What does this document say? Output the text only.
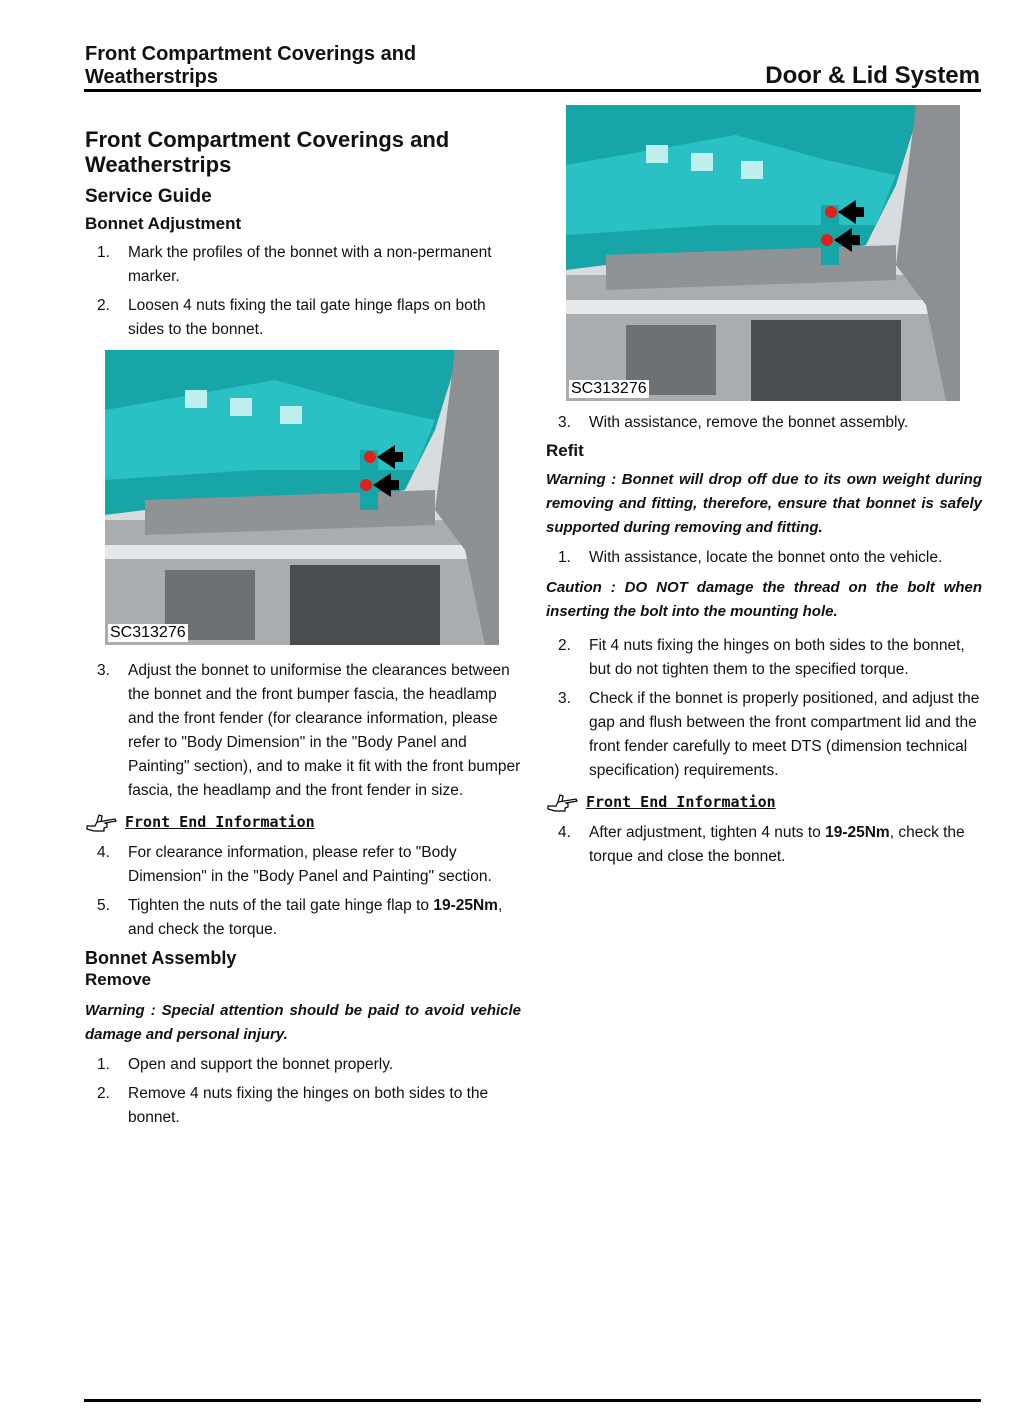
Front Compartment Coverings and
Weatherstrips	Door & Lid System
Front Compartment Coverings and
Weatherstrips
Service Guide
Bonnet Adjustment
1.	Mark the profiles of the bonnet with a non-permanent marker.
2.	Loosen 4 nuts fixing the tail gate hinge flaps on both sides to the bonnet.
SC313276
3.	Adjust the bonnet to uniformise the clearances between the bonnet and the front bumper fascia, the headlamp and the front fender (for clearance information, please refer to "Body Dimension" in the "Body Panel and Painting" section), and to make it fit with the front bumper fascia, the headlamp and the front fender in size.
Front End Information
4.	For clearance information, please refer to "Body Dimension" in the "Body Panel and Painting" section.
5.	Tighten the nuts of the tail gate hinge flap to 19-25Nm, and check the torque.
Bonnet Assembly
Remove
Warning : Special attention should be paid to avoid vehicle damage and personal injury.
1.	Open and support the bonnet properly.
2.	Remove 4 nuts fixing the hinges on both sides to the bonnet.
SC313276
3.	With assistance, remove the bonnet assembly.
Refit
Warning : Bonnet will drop off due to its own weight during removing and fitting, therefore, ensure that bonnet is safely supported during removing and fitting.
1.	With assistance, locate the bonnet onto the vehicle.
Caution : DO NOT damage the thread on the bolt when inserting the bolt into the mounting hole.
2.	Fit 4 nuts fixing the hinges on both sides to the bonnet, but do not tighten them to the specified torque.
3.	Check if the bonnet is properly positioned, and adjust the gap and flush between the front compartment lid and the front fender carefully to meet DTS (dimension technical specification) requirements.
Front End Information
4.	After adjustment, tighten 4 nuts to 19-25Nm, check the torque and close the bonnet.
